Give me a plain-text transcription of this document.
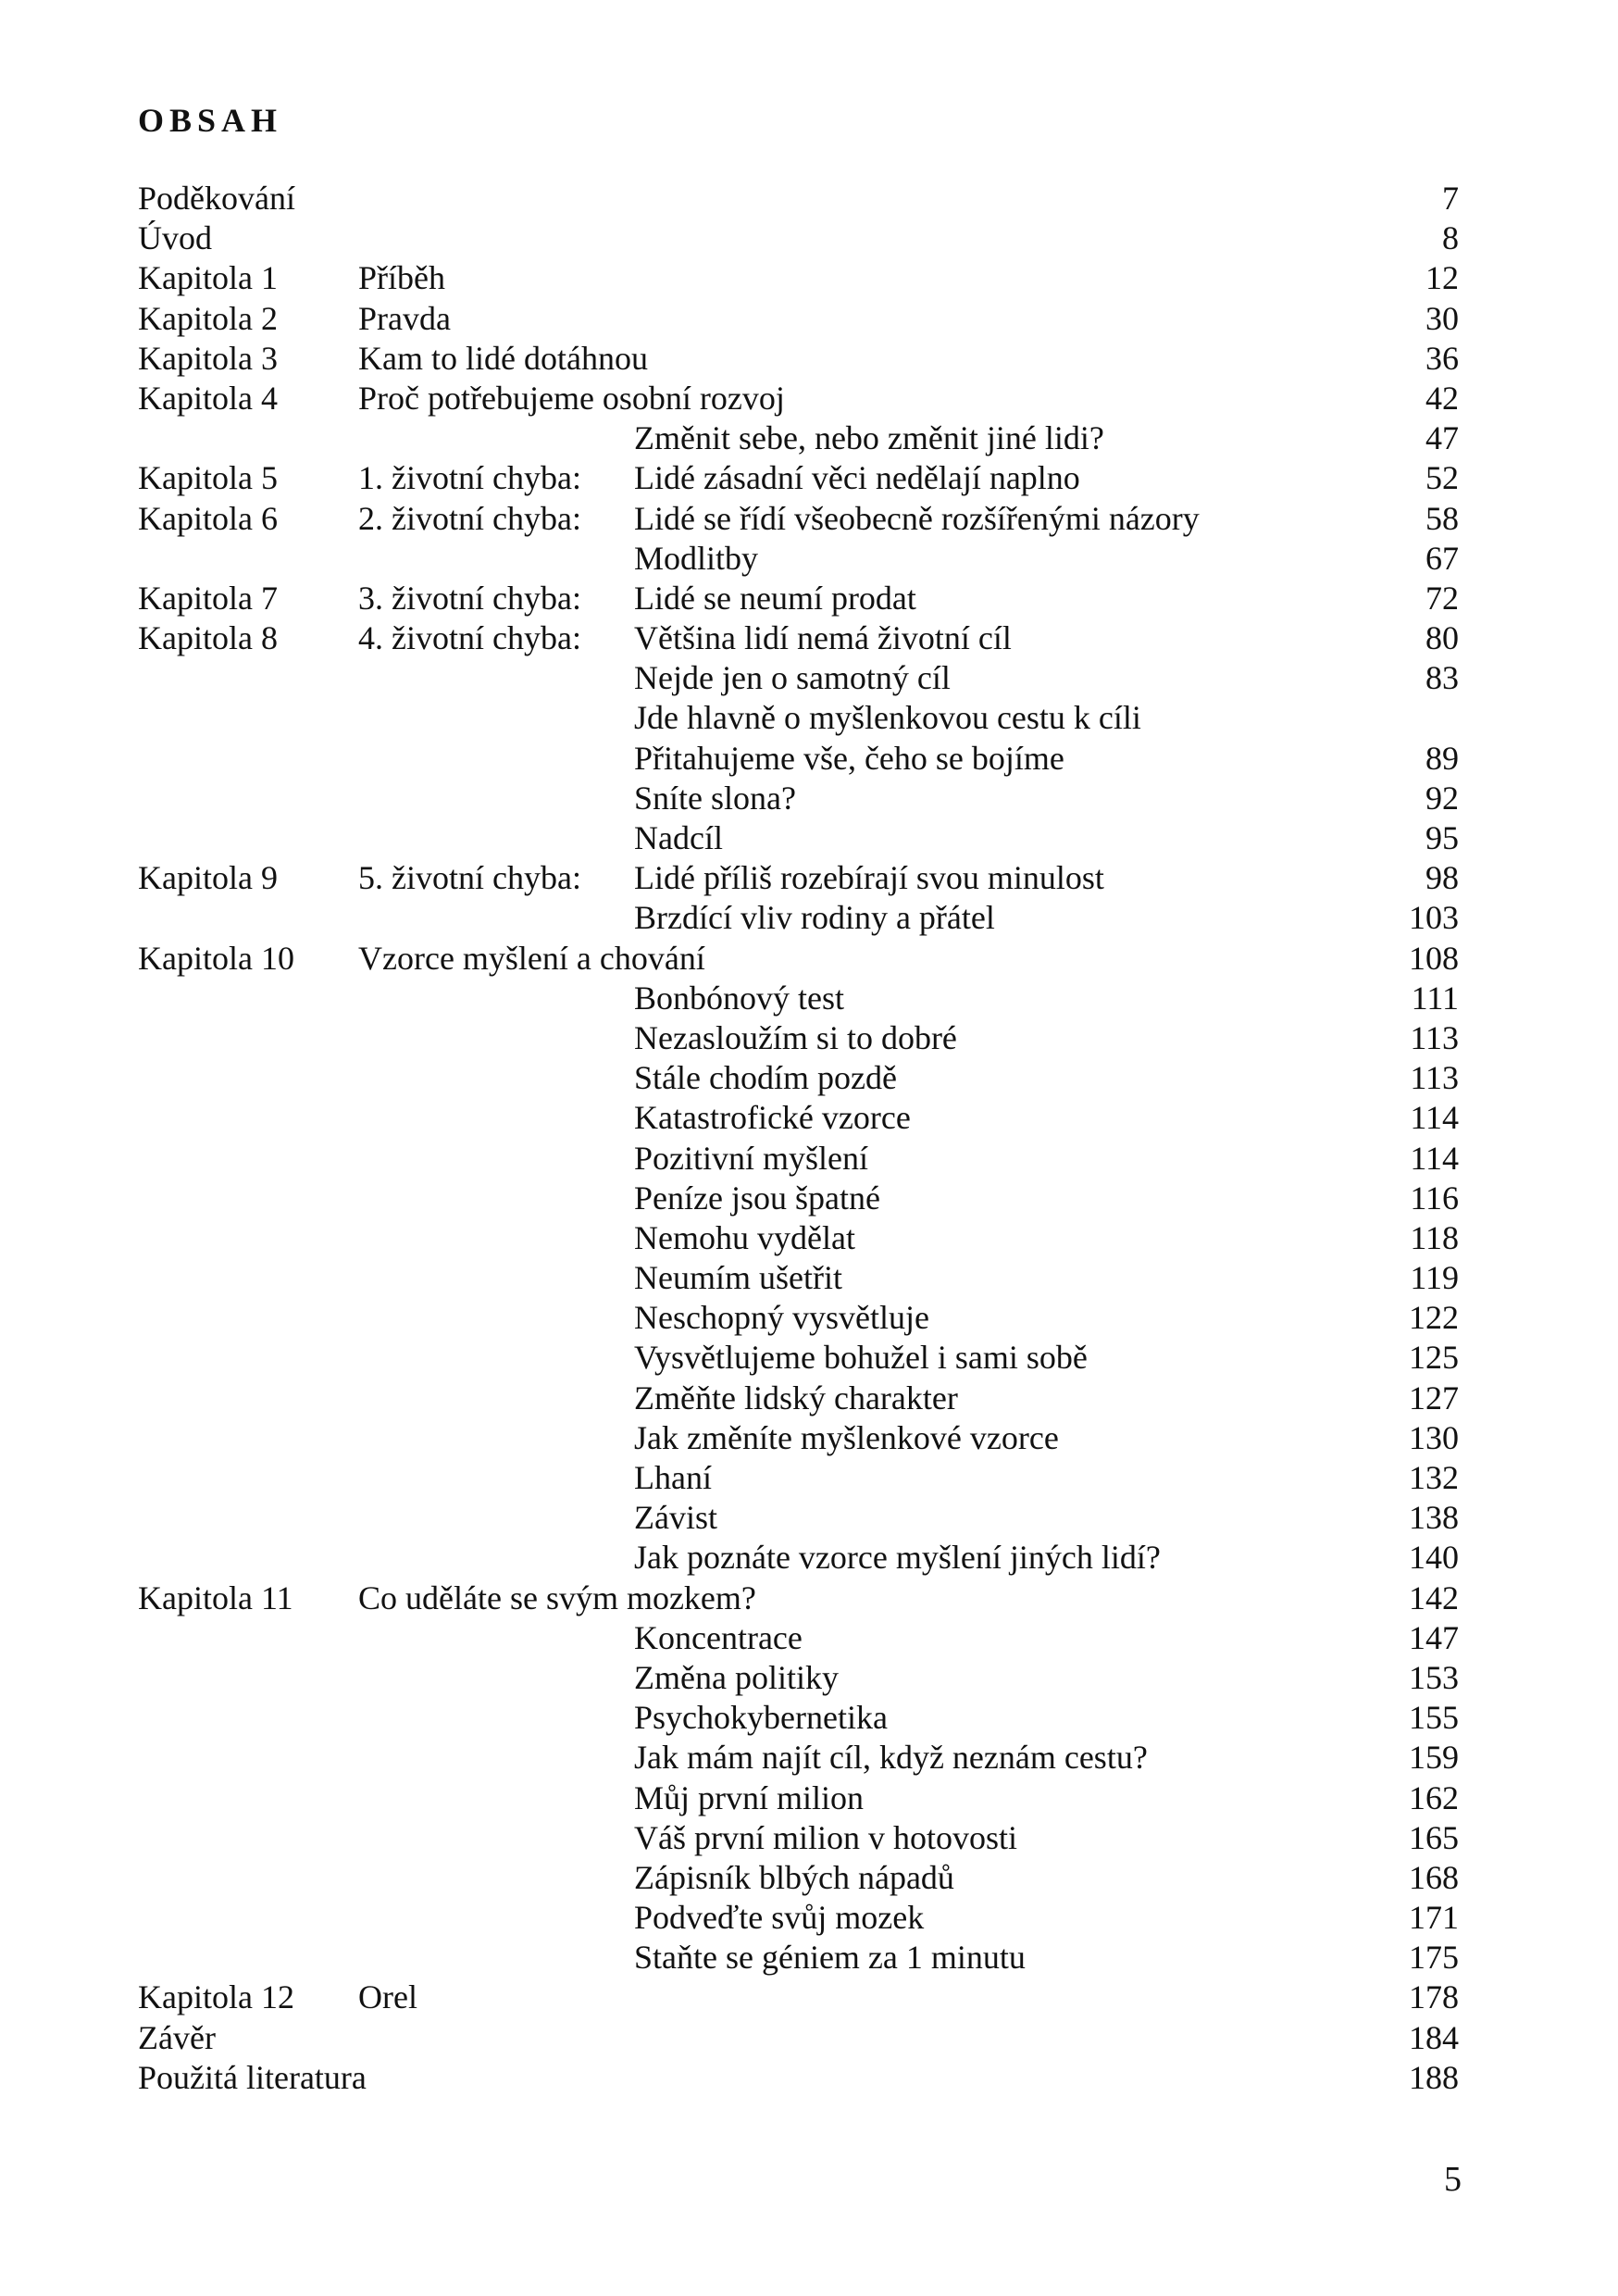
OBSAH
Poděkování	7
Úvod	8
Kapitola 1 Příběh	12
Kapitola 2 Pravda	30
Kapitola 3 Kam to lidé dotáhnou	36
Kapitola 4 Proč potřebujeme osobní rozvoj	42
Změnit sebe, nebo změnit jiné lidi?	47
Kapitola 5 1. životní chyba: Lidé zásadní věci nedělají naplno	52
Kapitola 6 2. životní chyba: Lidé se řídí všeobecně rozšířenými názory	58
Modlitby	67
Kapitola 7 3. životní chyba: Lidé se neumí prodat	72
Kapitola 8 4. životní chyba: Většina lidí nemá životní cíl	80
Nejde jen o samotný cíl	83
Jde hlavně o myšlenkovou cestu k cíli
Přitahujeme vše, čeho se bojíme	89
Sníte slona?	92
Nadcíl	95
Kapitola 9 5. životní chyba: Lidé příliš rozebírají svou minulost	98
Brzdící vliv rodiny a přátel	103
Kapitola 10 Vzorce myšlení a chování	108
Bonbónový test	111
Nezasloužím si to dobré	113
Stále chodím pozdě	113
Katastrofické vzorce	114
Pozitivní myšlení	114
Peníze jsou špatné	116
Nemohu vydělat	118
Neumím ušetřit	119
Neschopný vysvětluje	122
Vysvětlujeme bohužel i sami sobě	125
Změňte lidský charakter	127
Jak změníte myšlenkové vzorce	130
Lhaní	132
Závist	138
Jak poznáte vzorce myšlení jiných lidí?	140
Kapitola 11 Co uděláte se svým mozkem?	142
Koncentrace	147
Změna politiky	153
Psychokybernetika	155
Jak mám najít cíl, když neznám cestu?	159
Můj první milion	162
Váš první milion v hotovosti	165
Zápisník blbých nápadů	168
Podveďte svůj mozek	171
Staňte se géniem za 1 minutu	175
Kapitola 12 Orel	178
Závěr	184
Použitá literatura	188
5
